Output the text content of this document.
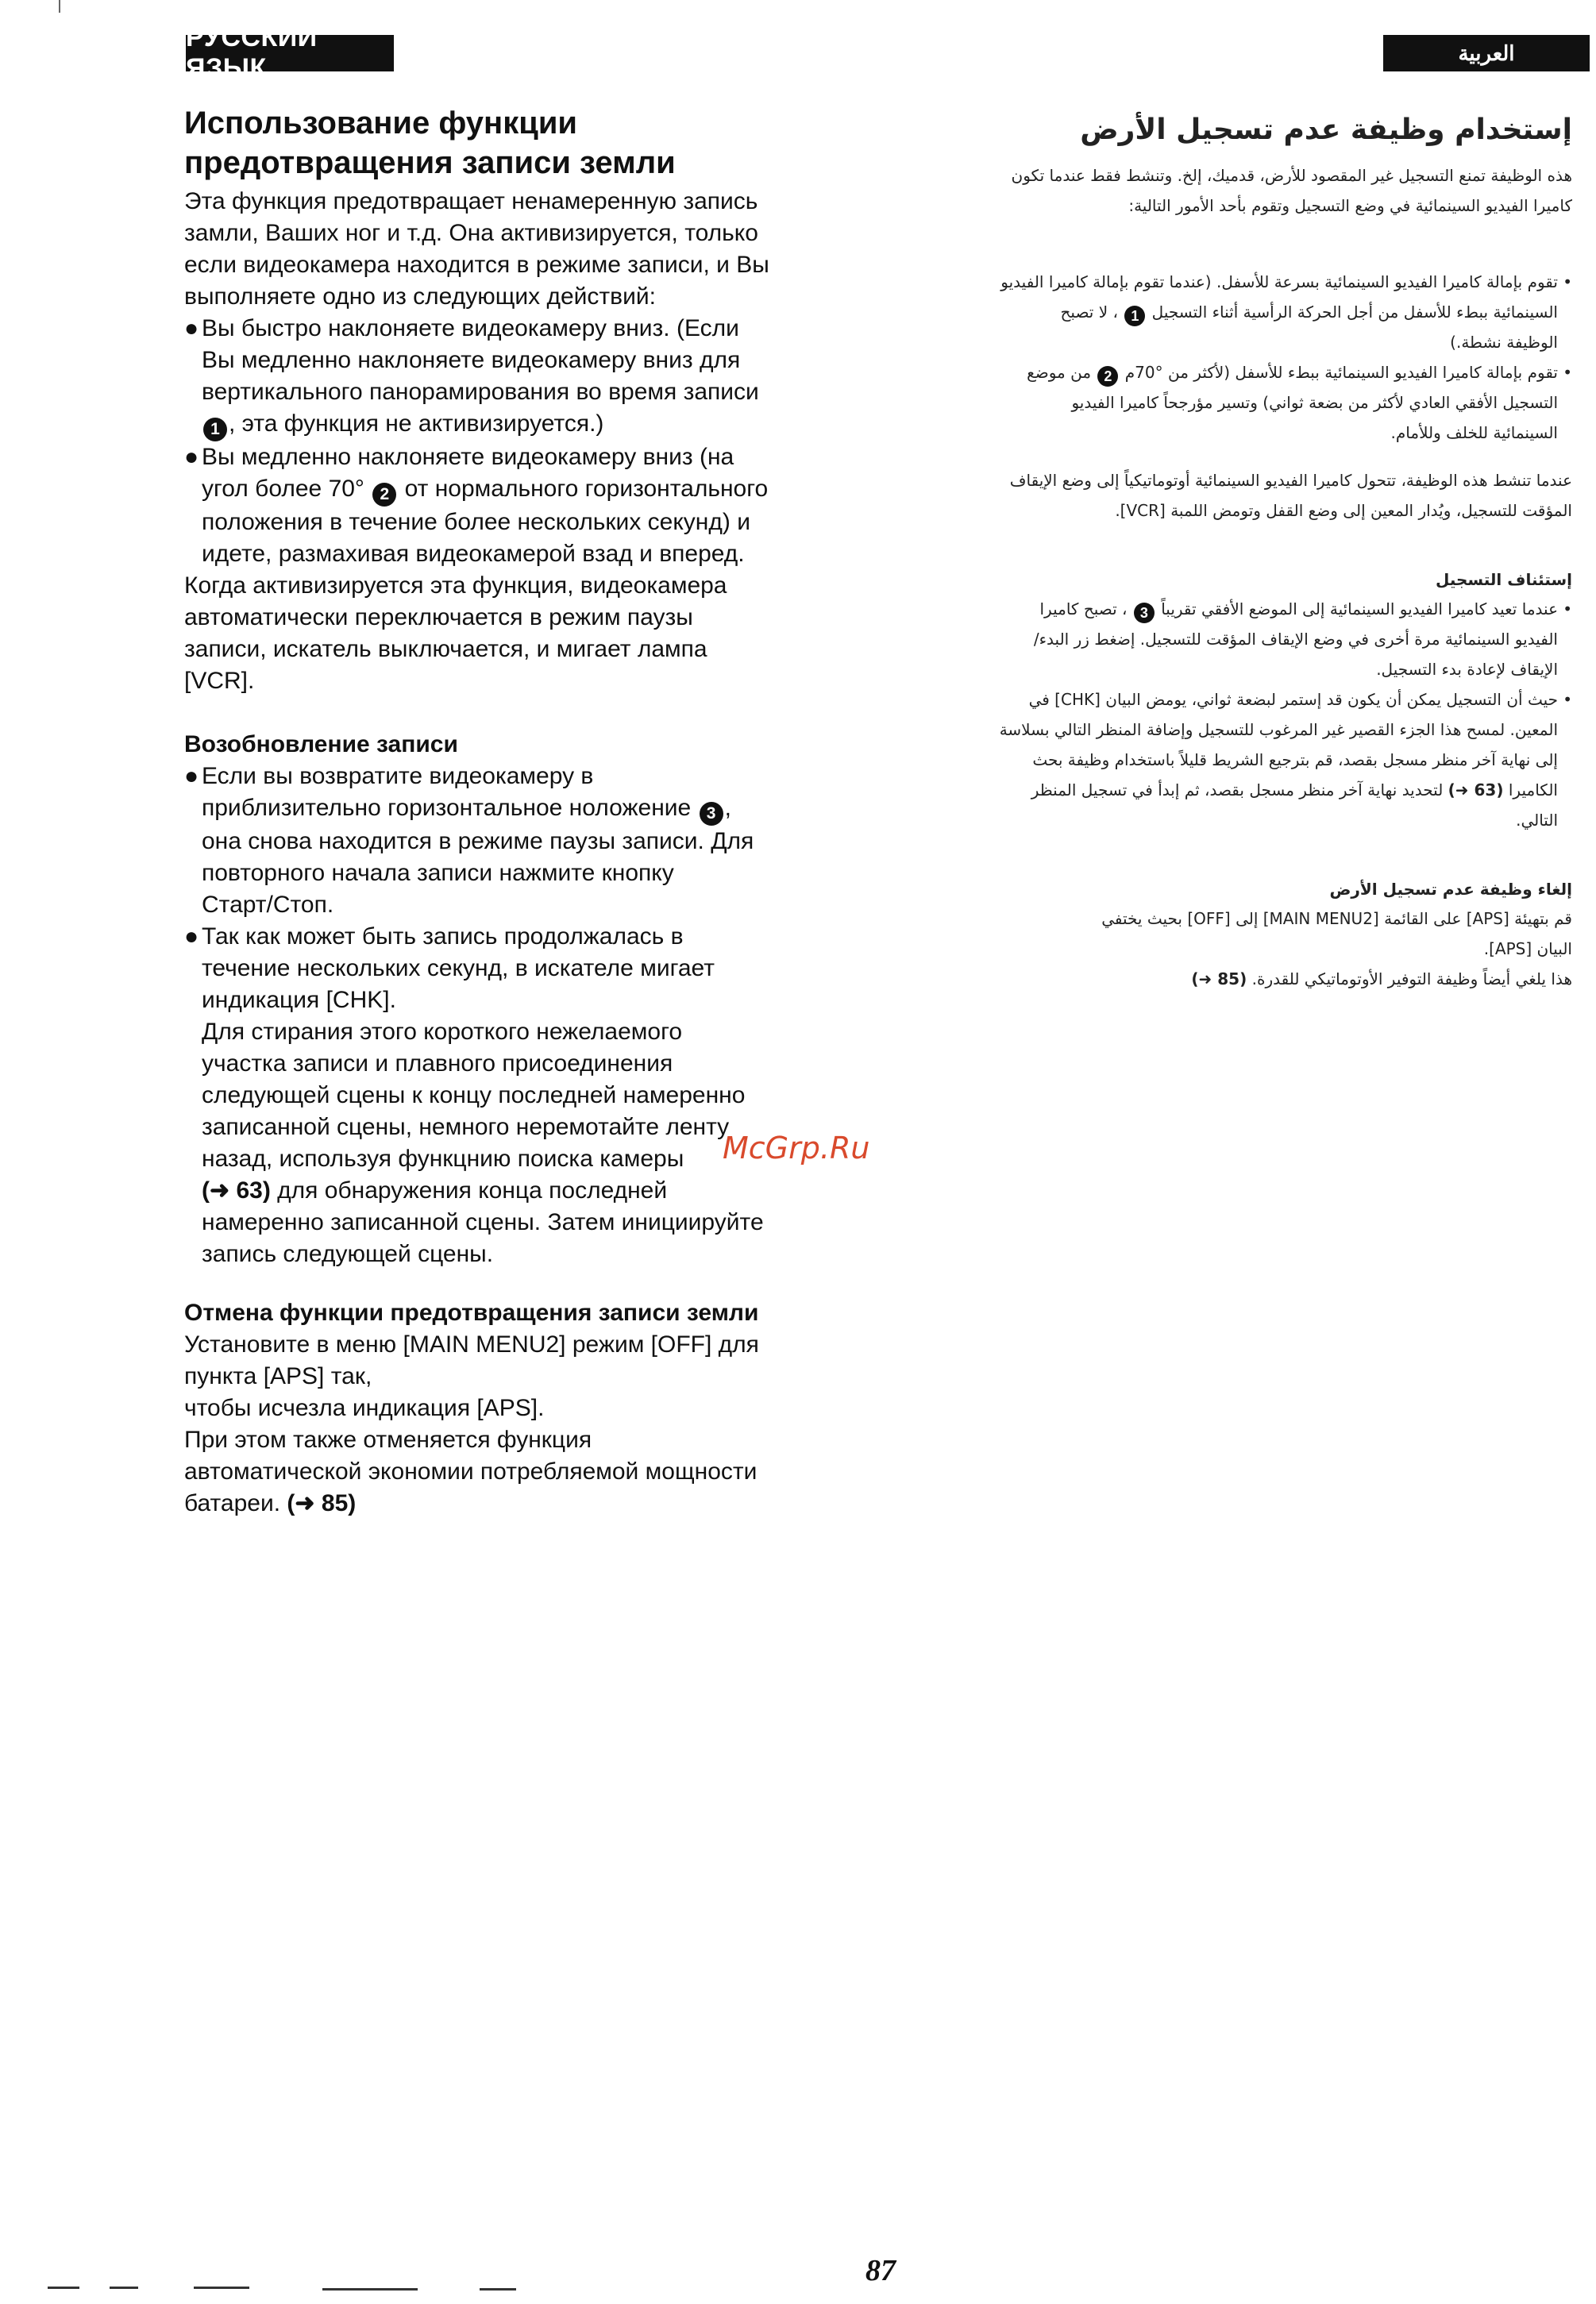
РУССКИЙ ЯЗЫК
العربية

Использование функции
предотвращения записи земли

Эта функция предотвращает ненамеренную запись
замли, Ваших ног и т.д. Она активизируется, только
если видеокамера находится в режиме записи, и Вы
выполняете одно из следующих действий:

● Вы быстро наклоняете видеокамеру вниз. (Если
Вы медленно наклоняете видеокамеру вниз для
вертикального панорамирования во время записи
1 , эта функция не активизируется.)
● Вы медленно наклоняете видеокамеру вниз (на
угол более 70° 2 от нормального горизонтального
положения в течение более нескольких секунд) и
идете, размахивая видеокамерой взад и вперед.

Когда активизируется эта функция, видеокамера
автоматически переключается в режим паузы
записи, искатель выключается, и мигает лампа
[VCR].

Возобновление записи

● Если вы возвратите видеокамеру в
приблизительно горизонтальное ноложение 3 ,
она снова находится в режиме паузы записи. Для
повторного начала записи нажмите кнопку
Старт/Стоп.
● Так как может быть запись продолжалась в
течение нескольких секунд, в искателе мигает
индикация [CHK].
Для стирания этого короткого нежелаемого
участка записи и плавного присоединения
следующей сцены к концу последней намеренно
записанной сцены, немного неремотайте ленту
назад, используя функцнию поиска камеры
(➜ 63) для обнаружения конца последней
намеренно записанной сцены. Затем инициируйте
запись следующей сцены.

Отмена функции предотвращения записи земли

Установите в меню [MAIN MENU2] режим [OFF] для
пункта [APS] так,
чтобы исчезла индикация [APS].
При этом также отменяется функция
автоматической экономии потребляемой мощности
батареи. (➜ 85)

إستخدام وظيفة عدم تسجيل الأرض

هذه الوظيفة تمنع التسجيل غير المقصود للأرض، قدميك، إلخ. وتنشط فقط عندما تكون
كاميرا الفيديو السينمائية في وضع التسجيل وتقوم بأحد الأمور التالية:

•
تقوم بإمالة كاميرا الفيديو السينمائية بسرعة للأسفل. (عندما تقوم بإمالة كاميرا الفيديو
السينمائية ببطء للأسفل من أجل الحركة الرأسية أثناء التسجيل 1 ، لا تصبح
الوظيفة نشطة.)
•
تقوم بإمالة كاميرا الفيديو السينمائية ببطء للأسفل (لأكثر من °70م 2 من موضع
التسجيل الأفقي العادي لأكثر من بضعة ثواني) وتسير مؤرجحاً كاميرا الفيديو
السينمائية للخلف وللأمام.

عندما تنشط هذه الوظيفة، تتحول كاميرا الفيديو السينمائية أوتوماتيكياً إلى وضع الإيقاف
المؤقت للتسجيل، ويُدار المعين إلى وضع القفل وتومض اللمبة [VCR].

إستئناف التسجيل

•
عندما تعيد كاميرا الفيديو السينمائية إلى الموضع الأفقي تقريباً 3 ، تصبح كاميرا
الفيديو السينمائية مرة أخرى في وضع الإيقاف المؤقت للتسجيل. إضغط زر البدء/
الإيقاف لإعادة بدء التسجيل.
•
حيث أن التسجيل يمكن أن يكون قد إستمر لبضعة ثواني، يومض البيان [CHK] في
المعين. لمسح هذا الجزء القصير غير المرغوب للتسجيل وإضافة المنظر التالي بسلاسة
إلى نهاية آخر منظر مسجل بقصد، قم بترجيع الشريط قليلاً باستخدام وظيفة بحث
الكاميرا (➜ 63) لتحديد نهاية آخر منظر مسجل بقصد، ثم إبدأ في تسجيل المنظر
التالي.

إلغاء وظيفة عدم تسجيل الأرض

قم بتهيئة [APS] على القائمة [MAIN MENU2] إلى [OFF] بحيث يختفي
البيان [APS].
هذا يلغي أيضاً وظيفة التوفير الأوتوماتيكي للقدرة. (➜ 85)

McGrp.Ru
87
